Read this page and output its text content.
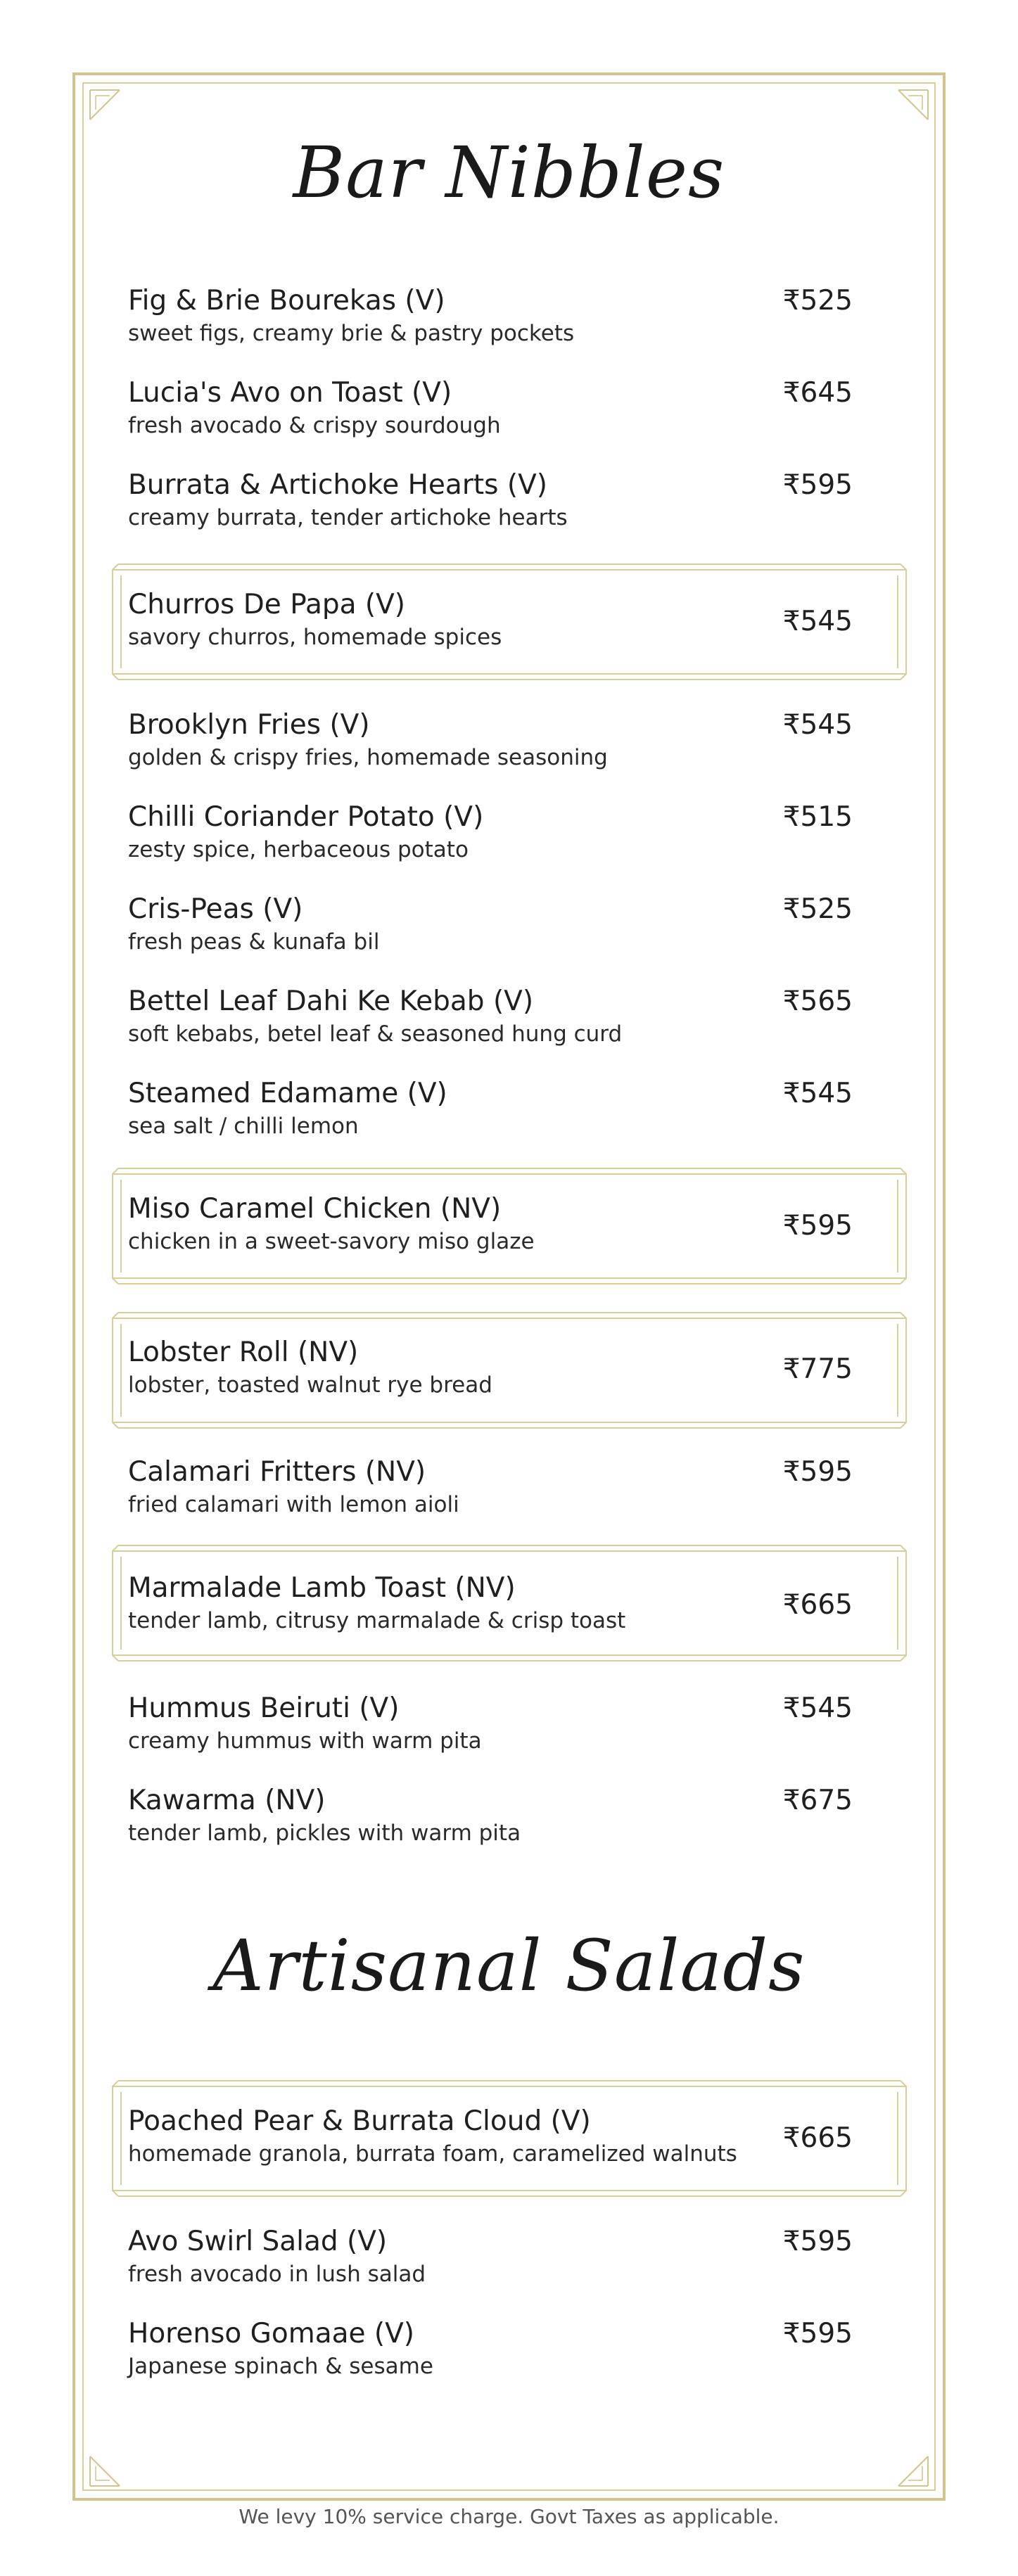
Bar Nibbles
Fig & Brie Bourekas (V)
sweet figs, creamy brie & pastry pockets
₹525
Lucia's Avo on Toast (V)
fresh avocado & crispy sourdough
₹645
Burrata & Artichoke Hearts (V)
creamy burrata, tender artichoke hearts
₹595
Churros De Papa (V)
savory churros, homemade spices	₹545
Brooklyn Fries (V)
golden & crispy fries, homemade seasoning
₹545
Chilli Coriander Potato (V)
zesty spice, herbaceous potato
₹515
Cris-Peas (V)
fresh peas & kunafa bil
₹525
Bettel Leaf Dahi Ke Kebab (V)
soft kebabs, betel leaf & seasoned hung curd
₹565
Steamed Edamame (V)
sea salt / chilli lemon
₹545
Miso Caramel Chicken (NV)
chicken in a sweet-savory miso glaze	₹595
Lobster Roll (NV)
lobster, toasted walnut rye bread	₹775
Calamari Fritters (NV)
fried calamari with lemon aioli
₹595
Marmalade Lamb Toast (NV)
tender lamb, citrusy marmalade & crisp toast	₹665
Hummus Beiruti (V)
creamy hummus with warm pita
₹545
Kawarma (NV)
tender lamb, pickles with warm pita
₹675
Artisanal Salads
Poached Pear & Burrata Cloud (V)
homemade granola, burrata foam, caramelized walnuts ₹665
Avo Swirl Salad (V)
fresh avocado in lush salad
₹595
Horenso Gomaae (V)
Japanese spinach & sesame
₹595
We levy 10% service charge. Govt Taxes as applicable.
